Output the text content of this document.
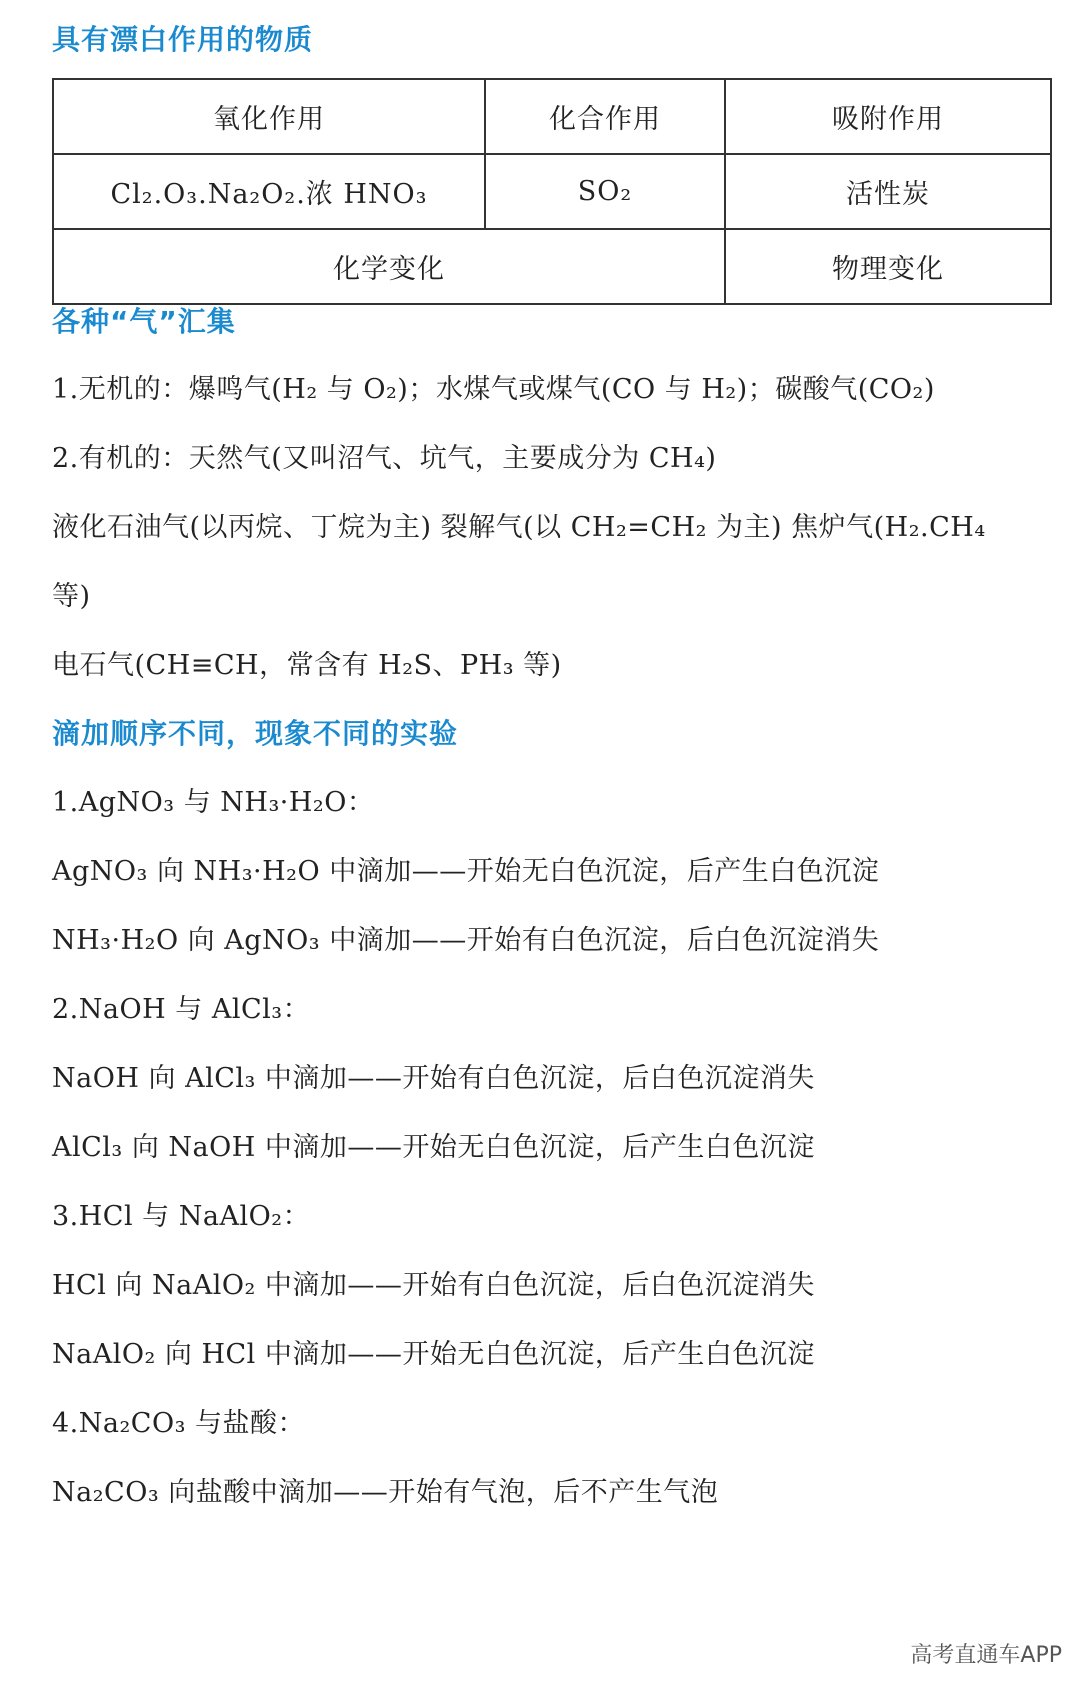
具有漂白作用的物质
氧化作用	化合作用	吸附作用
Cl₂.O₃.Na₂O₂.浓 HNO₃	SO₂	活性炭
化学变化		物理变化
各种“气”汇集
1.无机的：爆鸣气(H₂ 与 O₂)；水煤气或煤气(CO 与 H₂)；碳酸气(CO₂)
2.有机的：天然气(又叫沼气、坑气，主要成分为 CH₄)
液化石油气(以丙烷、丁烷为主) 裂解气(以 CH₂=CH₂ 为主) 焦炉气(H₂.CH₄
等)
电石气(CH≡CH，常含有 H₂S、PH₃ 等)
滴加顺序不同，现象不同的实验
1.AgNO₃ 与 NH₃·H₂O：
AgNO₃ 向 NH₃·H₂O 中滴加——开始无白色沉淀，后产生白色沉淀
NH₃·H₂O 向 AgNO₃ 中滴加——开始有白色沉淀，后白色沉淀消失
2.NaOH 与 AlCl₃：
NaOH 向 AlCl₃ 中滴加——开始有白色沉淀，后白色沉淀消失
AlCl₃ 向 NaOH 中滴加——开始无白色沉淀，后产生白色沉淀
3.HCl 与 NaAlO₂：
HCl 向 NaAlO₂ 中滴加——开始有白色沉淀，后白色沉淀消失
NaAlO₂ 向 HCl 中滴加——开始无白色沉淀，后产生白色沉淀
4.Na₂CO₃ 与盐酸：
Na₂CO₃ 向盐酸中滴加——开始有气泡，后不产生气泡
高考直通车APP
